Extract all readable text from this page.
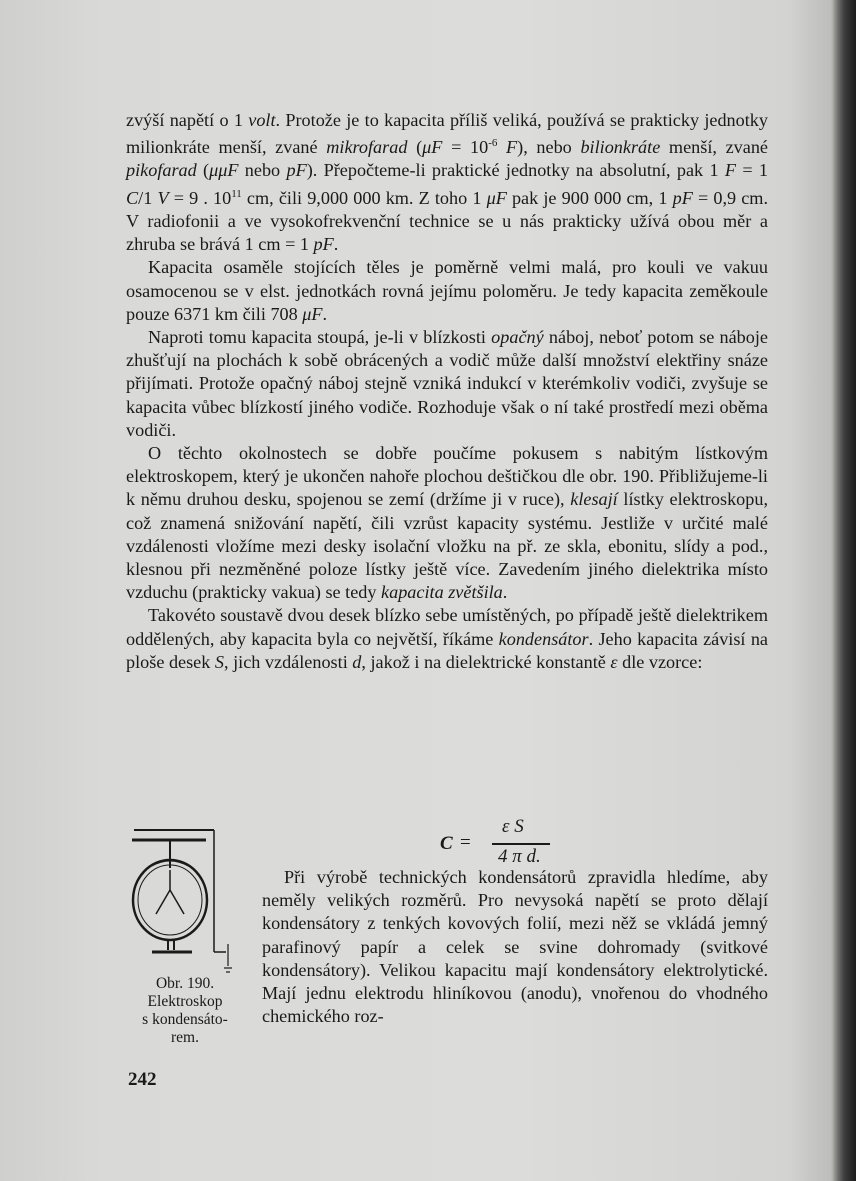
zvýší napětí o 1 volt. Protože je to kapacita příliš veliká, používá se prakticky jednotky milionkráte menší, zvané mikrofarad ($\mu F = 10^{-6}$ F), nebo bilionkráte menší, zvané pikofarad (μμF nebo pF). Přepočteme-li praktické jednotky na absolutní, pak 1 F = 1 C/1 V = 9 . $10^{11}$ cm, čili 9,000 000 km. Z toho 1 μF pak je 900 000 cm, 1 pF = 0,9 cm. V radiofonii a ve vysokofrekvenční technice se u nás prakticky užívá obou měr a zhruba se brává 1 cm = 1 pF.

Kapacita osaměle stojících těles je poměrně velmi malá, pro kouli ve vakuu osamocenou se v elst. jednotkách rovná jejímu poloměru. Je tedy kapacita zeměkoule pouze 6371 km čili 708 μF.

Naproti tomu kapacita stoupá, je-li v blízkosti opačný náboj, neboť potom se náboje zhušťují na plochách k sobě obrácených a vodič může další množství elektřiny snáze přijímati. Protože opačný náboj stejně vzniká indukcí v kterémkoliv vodiči, zvyšuje se kapacita vůbec blízkostí jiného vodiče. Rozhoduje však o ní také prostředí mezi oběma vodiči.

O těchto okolnostech se dobře poučíme pokusem s nabitým lístkovým elektroskopem, který je ukončen nahoře plochou deštičkou dle obr. 190. Přibližujeme-li k němu druhou desku, spojenou se zemí (držíme ji v ruce), klesají lístky elektroskopu, což znamená snižování napětí, čili vzrůst kapacity systému. Jestliže v určité malé vzdálenosti vložíme mezi desky isolační vložku na př. ze skla, ebonitu, slídy a pod., klesnou při nezměněné poloze lístky ještě více. Zavedením jiného dielektrika místo vzduchu (prakticky vakua) se tedy kapacita zvětšila.

Takovéto soustavě dvou desek blízko sebe umístěných, po případě ještě dielektrikem oddělených, aby kapacita byla co největší, říkáme kondensátor. Jeho kapacita závisí na ploše desek S, jich vzdálenosti d, jakož i na dielektrické konstantě ε dle vzorce:

Obr. 190.
Elektroskop
s kondensáto-
rem.
C =
ε S
4 π d.

Při výrobě technických kondensátorů zpravidla hledíme, aby neměly velikých rozměrů. Pro nevysoká napětí se proto dělají kondensátory z tenkých kovových folií, mezi něž se vkládá jemný parafinový papír a celek se svine dohromady (svitkové kondensátory). Velikou kapacitu mají kondensátory elektrolytické. Mají jednu elektrodu hliníkovou (anodu), vnořenou do vhodného chemického roz-

242
